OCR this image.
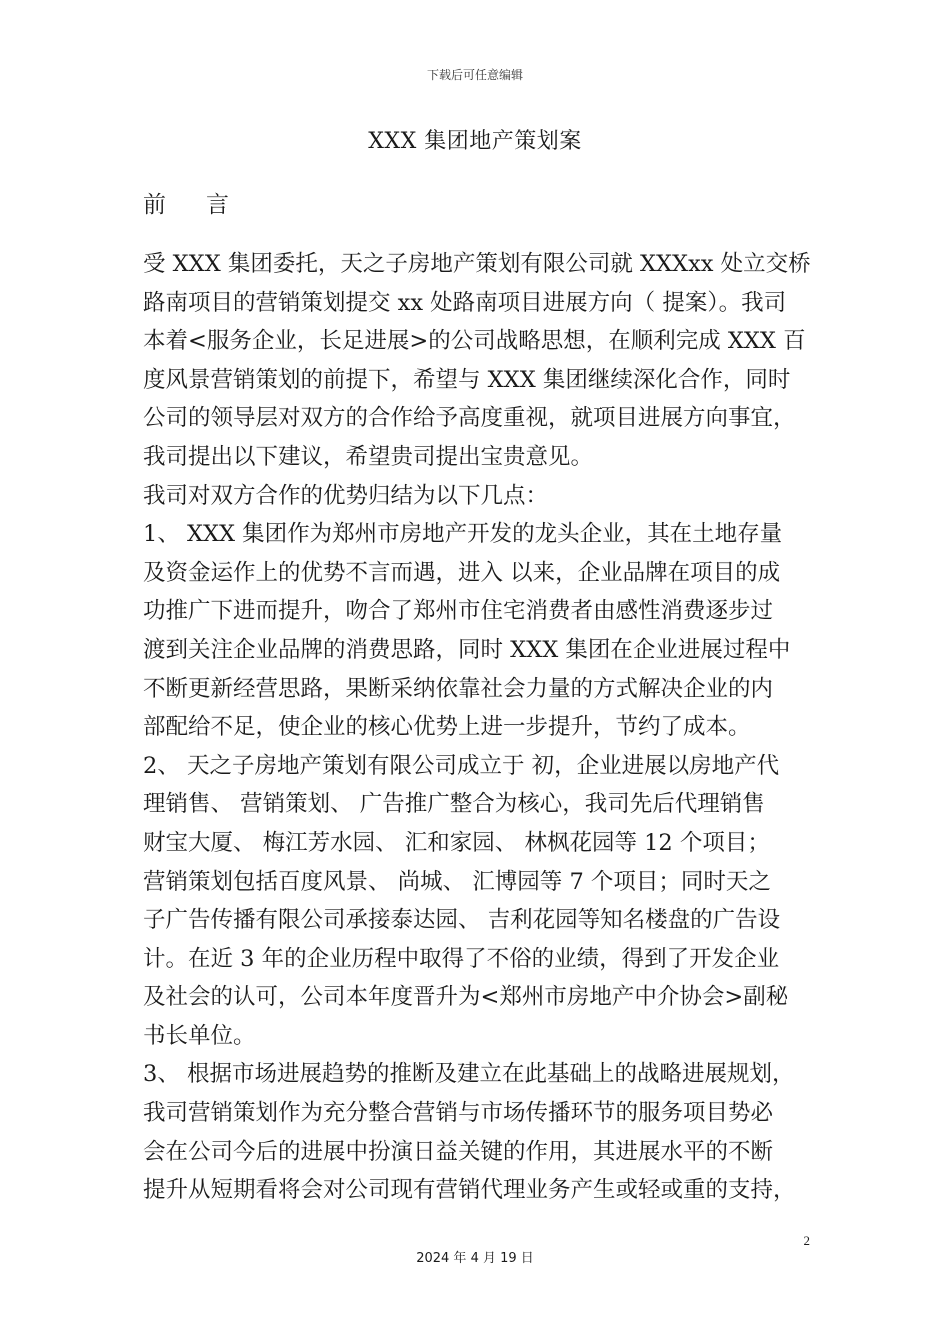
下载后可任意编辑
XXX 集团地产策划案
前言
受 XXX 集团委托，天之子房地产策划有限公司就 XXXxx 处立交桥
路南项目的营销策划提交 xx 处路南项目进展方向（ 提案）。我司
本着<服务企业，长足进展>的公司战略思想，在顺利完成 XXX 百
度风景营销策划的前提下，希望与 XXX 集团继续深化合作，同时
公司的领导层对双方的合作给予高度重视，就项目进展方向事宜，
我司提出以下建议，希望贵司提出宝贵意见。
我司对双方合作的优势归结为以下几点：
1、 XXX 集团作为郑州市房地产开发的龙头企业，其在土地存量
及资金运作上的优势不言而遇，进入 以来，企业品牌在项目的成
功推广下进而提升，吻合了郑州市住宅消费者由感性消费逐步过
渡到关注企业品牌的消费思路，同时 XXX 集团在企业进展过程中
不断更新经营思路，果断采纳依靠社会力量的方式解决企业的内
部配给不足，使企业的核心优势上进一步提升，节约了成本。
2、 天之子房地产策划有限公司成立于 初，企业进展以房地产代
理销售、 营销策划、 广告推广整合为核心，我司先后代理销售
财宝大厦、 梅江芳水园、 汇和家园、 林枫花园等 12 个项目；
营销策划包括百度风景、 尚城、 汇博园等 7 个项目；同时天之
子广告传播有限公司承接泰达园、 吉利花园等知名楼盘的广告设
计。在近 3 年的企业历程中取得了不俗的业绩，得到了开发企业
及社会的认可，公司本年度晋升为<郑州市房地产中介协会>副秘
书长单位。
3、 根据市场进展趋势的推断及建立在此基础上的战略进展规划，
我司营销策划作为充分整合营销与市场传播环节的服务项目势必
会在公司今后的进展中扮演日益关键的作用，其进展水平的不断
提升从短期看将会对公司现有营销代理业务产生或轻或重的支持，
2
2024 年 4 月 19 日
